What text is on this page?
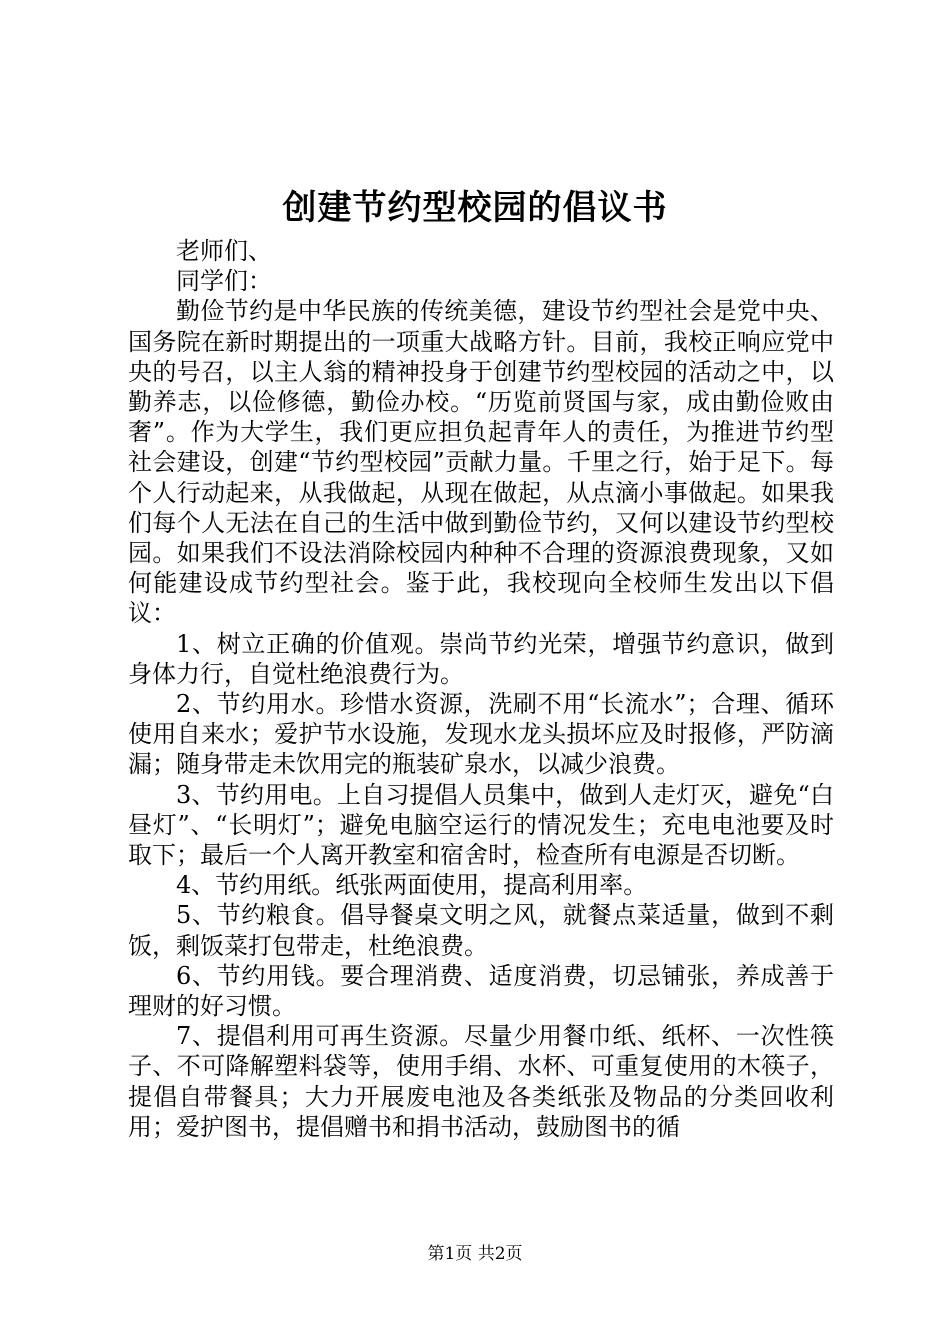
创建节约型校园的倡议书

老师们、

同学们：

勤俭节约是中华民族的传统美德，建设节约型社会是党中央、国务院在新时期提出的一项重大战略方针。目前，我校正响应党中央的号召，以主人翁的精神投身于创建节约型校园的活动之中，以勤养志，以俭修德，勤俭办校。“历览前贤国与家，成由勤俭败由奢”。作为大学生，我们更应担负起青年人的责任，为推进节约型社会建设，创建“节约型校园”贡献力量。千里之行，始于足下。每个人行动起来，从我做起，从现在做起，从点滴小事做起。如果我们每个人无法在自己的生活中做到勤俭节约，又何以建设节约型校园。如果我们不设法消除校园内种种不合理的资源浪费现象，又如何能建设成节约型社会。鉴于此，我校现向全校师生发出以下倡议：

1、树立正确的价值观。崇尚节约光荣，增强节约意识，做到身体力行，自觉杜绝浪费行为。

2、节约用水。珍惜水资源，洗刷不用“长流水”；合理、循环使用自来水；爱护节水设施，发现水龙头损坏应及时报修，严防滴漏；随身带走未饮用完的瓶装矿泉水，以减少浪费。

3、节约用电。上自习提倡人员集中，做到人走灯灭，避免“白昼灯”、“长明灯”；避免电脑空运行的情况发生；充电电池要及时取下；最后一个人离开教室和宿舍时，检查所有电源是否切断。

4、节约用纸。纸张两面使用，提高利用率。

5、节约粮食。倡导餐桌文明之风，就餐点菜适量，做到不剩饭，剩饭菜打包带走，杜绝浪费。

6、节约用钱。要合理消费、适度消费，切忌铺张，养成善于理财的好习惯。

7、提倡利用可再生资源。尽量少用餐巾纸、纸杯、一次性筷子、不可降解塑料袋等，使用手绢、水杯、可重复使用的木筷子，提倡自带餐具；大力开展废电池及各类纸张及物品的分类回收利用；爱护图书，提倡赠书和捐书活动，鼓励图书的循

第1页 共2页
